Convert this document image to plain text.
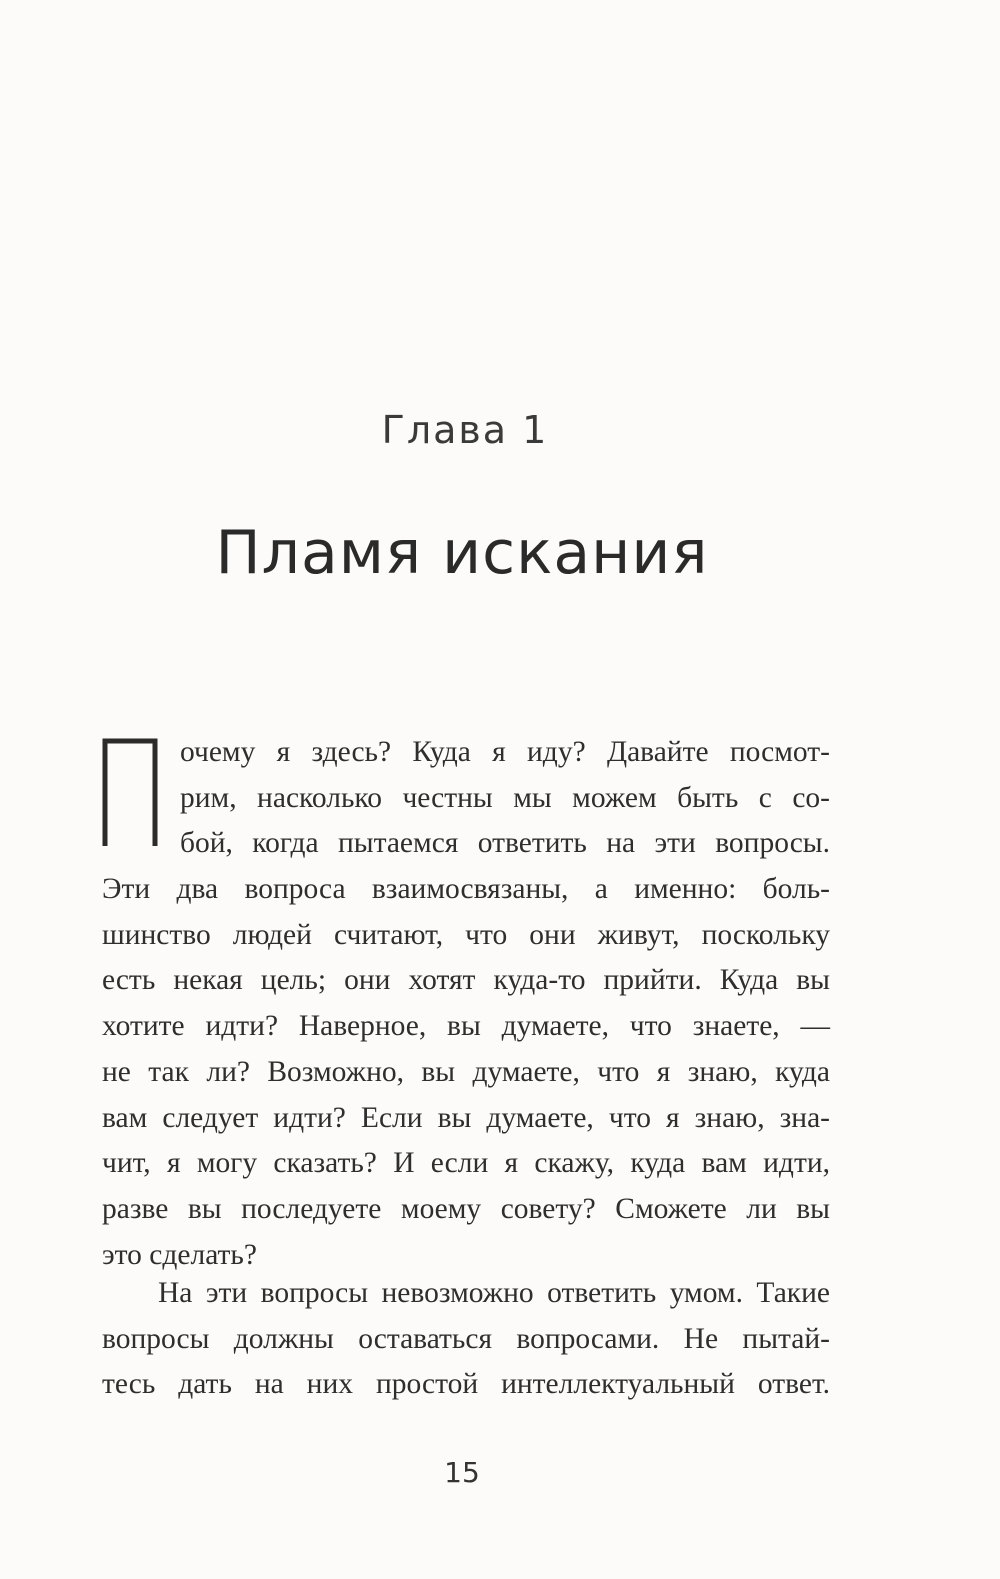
Глава 1
Пламя искания
очему я здесь? Куда я иду? Давайте посмот-
рим, насколько честны мы можем быть с со-
бой, когда пытаемся ответить на эти вопросы.
Эти два вопроса взаимосвязаны, а именно: боль-
шинство людей считают, что они живут, поскольку
есть некая цель; они хотят куда-то прийти. Куда вы
хотите идти? Наверное, вы думаете, что знаете, —
не так ли? Возможно, вы думаете, что я знаю, куда
вам следует идти? Если вы думаете, что я знаю, зна-
чит, я могу сказать? И если я скажу, куда вам идти,
разве вы последуете моему совету? Сможете ли вы
это сделать?
На эти вопросы невозможно ответить умом. Такие
вопросы должны оставаться вопросами. Не пытай-
тесь дать на них простой интеллектуальный ответ.
15
